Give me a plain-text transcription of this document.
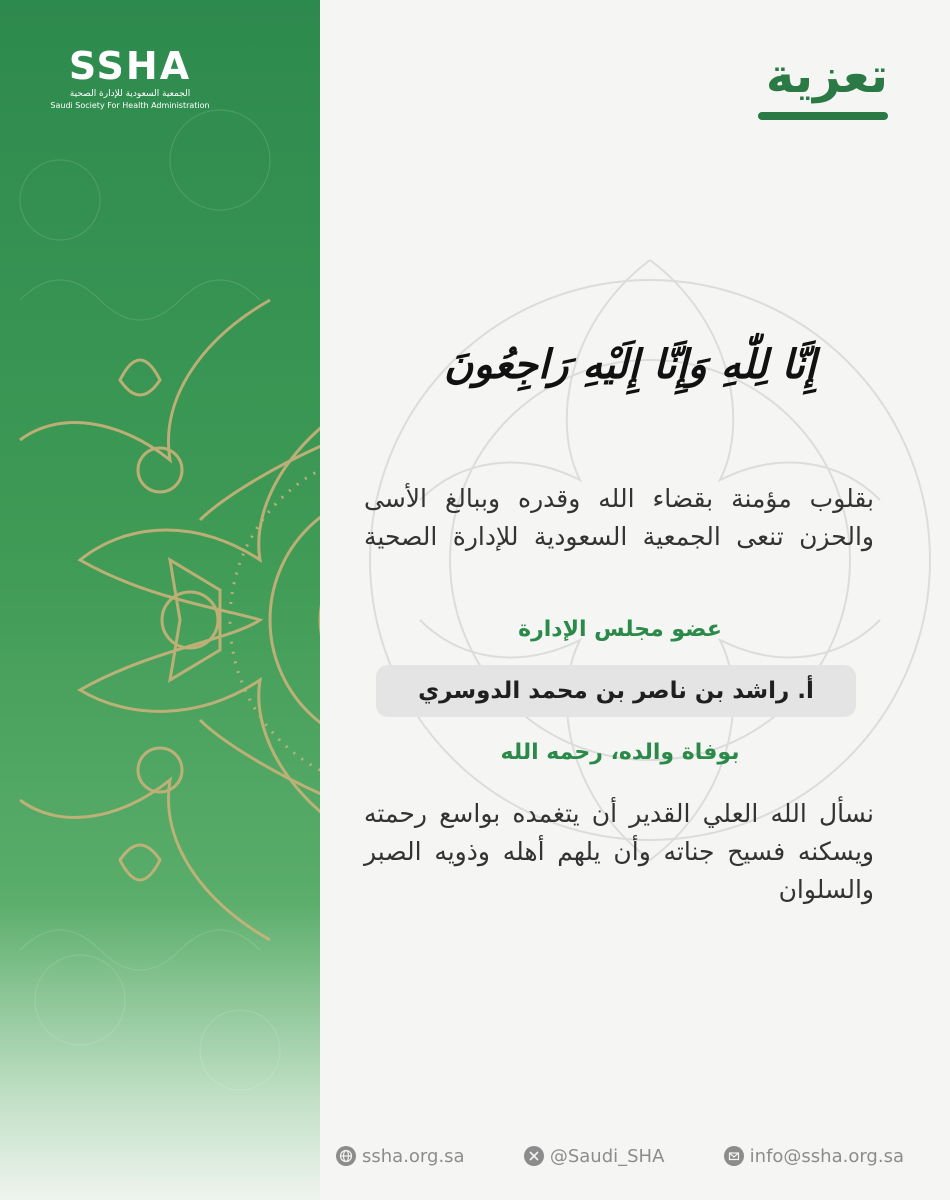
SSHA
الجمعية السعودية للإدارة الصحية
Saudi Society For Health Administration
تعزية
إِنَّا لِلّٰهِ وَإِنَّا إِلَيْهِ رَاجِعُونَ
بقلوب مؤمنة بقضاء الله وقدره وببالغ الأسى والحزن تنعى الجمعية السعودية للإدارة الصحية
عضو مجلس الإدارة
أ. راشد بن ناصر بن محمد الدوسري
بوفاة والده، رحمه الله
نسأل الله العلي القدير أن يتغمده بواسع رحمته ويسكنه فسيح جناته وأن يلهم أهله وذويه الصبر والسلوان
ssha.org.sa	@Saudi_SHA	info@ssha.org.sa
